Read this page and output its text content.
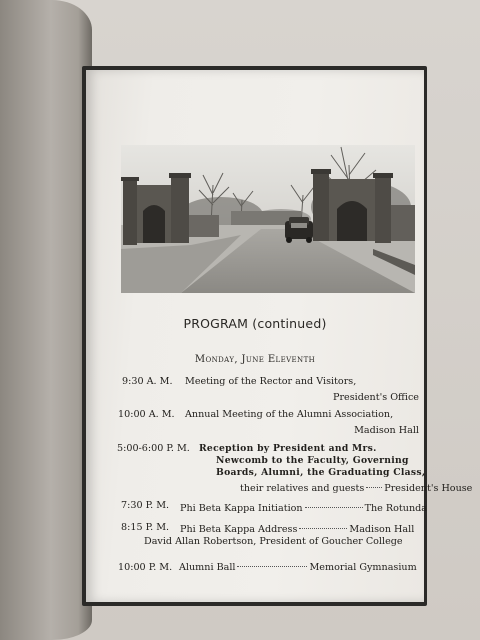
PROGRAM (continued)
Monday, June Eleventh
9:30 A. M. Meeting of the Rector and Visitors,
President's Office
10:00 A. M. Annual Meeting of the Alumni Association,
Madison Hall
5:00-6:00 P. M. Reception by President and Mrs.
Newcomb to the Faculty, Governing
Boards, Alumni, the Graduating Class,
their relatives and guests President's House
7:30 P. M. Phi Beta Kappa Initiation	The Rotunda
8:15 P. M. Phi Beta Kappa Address	Madison Hall
David Allan Robertson, President of Goucher College
10:00 P. M. Alumni Ball	Memorial Gymnasium
